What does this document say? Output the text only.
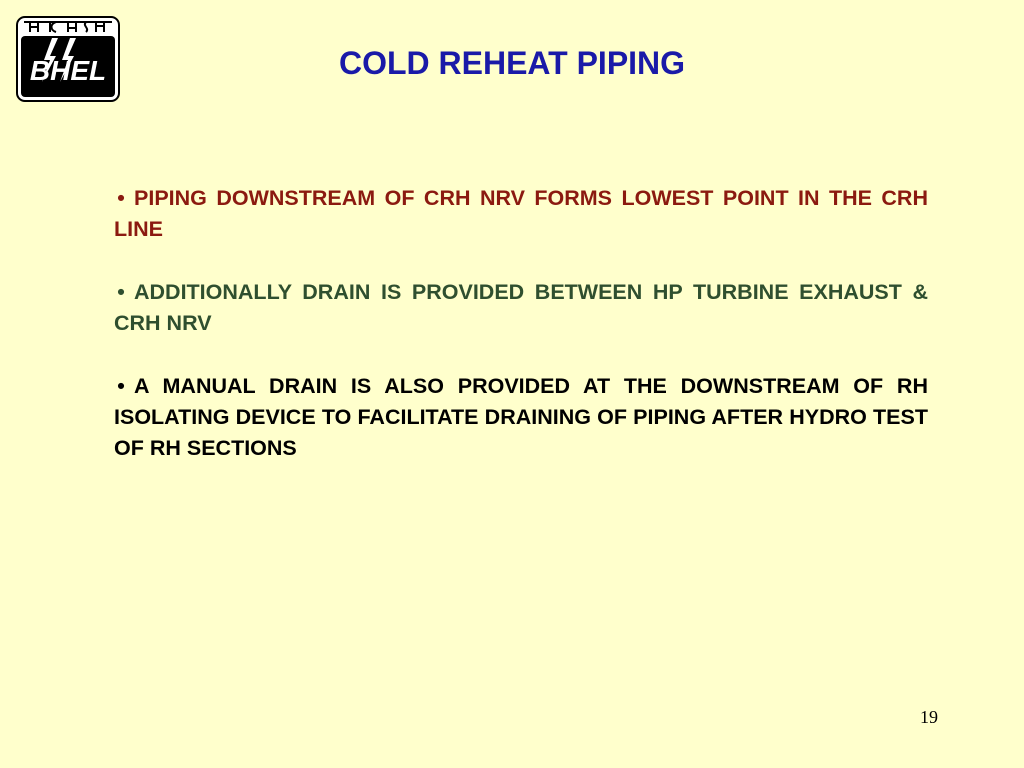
BHEL	COLD REHEAT PIPING

• PIPING DOWNSTREAM OF CRH NRV FORMS LOWEST POINT IN THE CRH LINE

• ADDITIONALLY DRAIN IS PROVIDED BETWEEN HP TURBINE EXHAUST & CRH NRV

• A MANUAL DRAIN IS ALSO PROVIDED AT THE DOWNSTREAM OF RH ISOLATING DEVICE TO FACILITATE DRAINING OF PIPING AFTER HYDRO TEST OF RH SECTIONS

19
